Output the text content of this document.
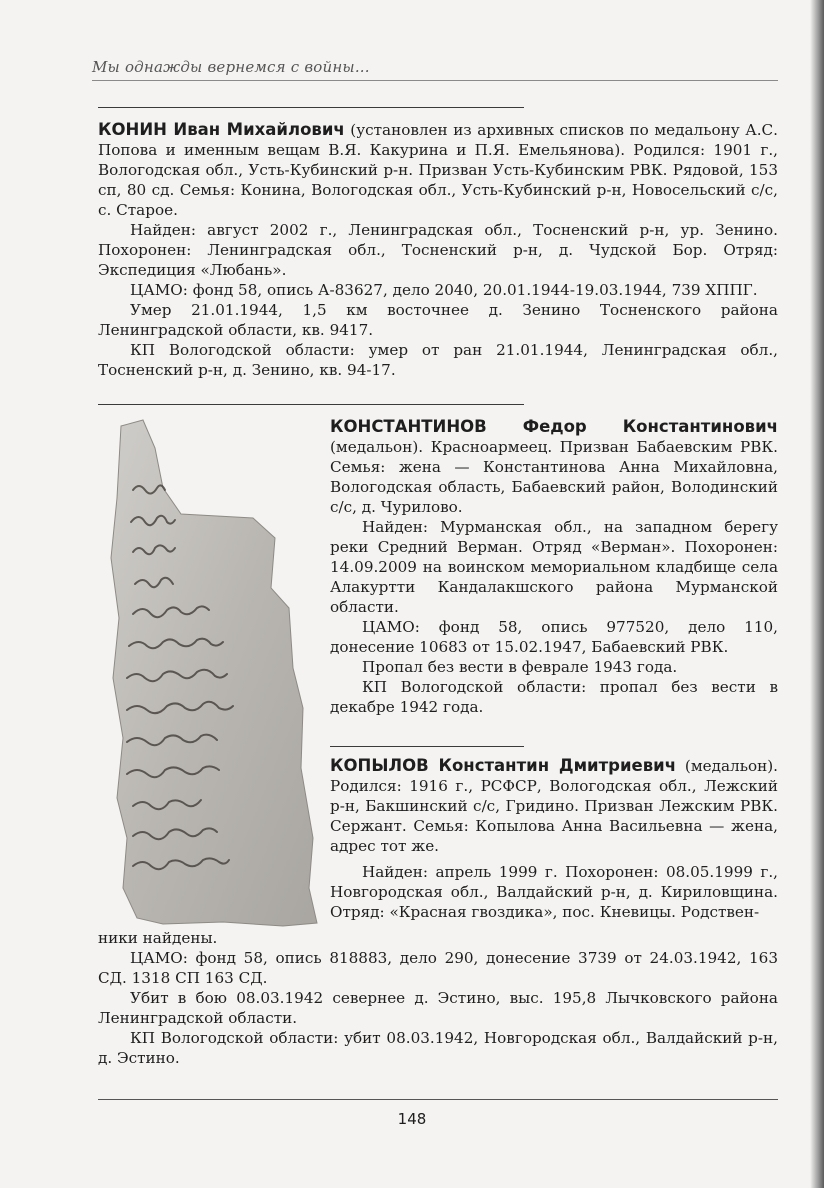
Мы однажды вернемся с войны...

КОНИН Иван Михайлович (установлен из архивных списков по медальону А.С. Попова и именным вещам В.Я. Какурина и П.Я. Емельянова). Родился: 1901 г., Вологодская обл., Усть-Кубинский р-н. Призван Усть-Кубинским РВК. Рядовой, 153 сп, 80 сд. Семья: Конина, Вологодская обл., Усть-Кубинский р-н, Новосельский с/с, с. Старое.

Найден: август 2002 г., Ленинградская обл., Тосненский р-н, ур. Зенино. Похоронен: Ленинградская обл., Тосненский р-н, д. Чудской Бор. Отряд: Экспедиция «Любань».

ЦАМО: фонд 58, опись А-83627, дело 2040, 20.01.1944-19.03.1944, 739 ХППГ.

Умер 21.01.1944, 1,5 км восточнее д. Зенино Тосненского района Ленинградской области, кв. 9417.

КП Вологодской области: умер от ран 21.01.1944, Ленинградская обл., Тосненский р-н, д. Зенино, кв. 94-17.

КОНСТАНТИНОВ Федор Константинович (медальон). Красноармеец. Призван Бабаевским РВК. Семья: жена — Константинова Анна Михайловна, Вологодская область, Бабаевский район, Володинский с/с, д. Чурилово.

Найден: Мурманская обл., на западном берегу реки Средний Верман. Отряд «Верман». Похоронен: 14.09.2009 на воинском мемориальном кладбище села Алакуртти Кандалакшского района Мурманской области.

ЦАМО: фонд 58, опись 977520, дело 110, донесение 10683 от 15.02.1947, Бабаевский РВК.

Пропал без вести в феврале 1943 года.

КП Вологодской области: пропал без вести в декабре 1942 года.

КОПЫЛОВ Константин Дмитриевич (медальон). Родился: 1916 г., РСФСР, Вологодская обл., Лежский р-н, Бакшинский с/с, Гридино. Призван Лежским РВК. Сержант. Семья: Копылова Анна Васильевна — жена, адрес тот же.

Найден: апрель 1999 г. Похоронен: 08.05.1999 г., Новгородская обл., Валдайский р-н, д. Кириловщина. Отряд: «Красная гвоздика», пос. Кневицы. Родствен-

ники найдены.

ЦАМО: фонд 58, опись 818883, дело 290, донесение 3739 от 24.03.1942, 163 СД. 1318 СП 163 СД.

Убит в бою 08.03.1942 севернее д. Эстино, выс. 195,8 Лычковского района Ленинградской области.

КП Вологодской области: убит 08.03.1942, Новгородская обл., Валдайский р-н, д. Эстино.

148
